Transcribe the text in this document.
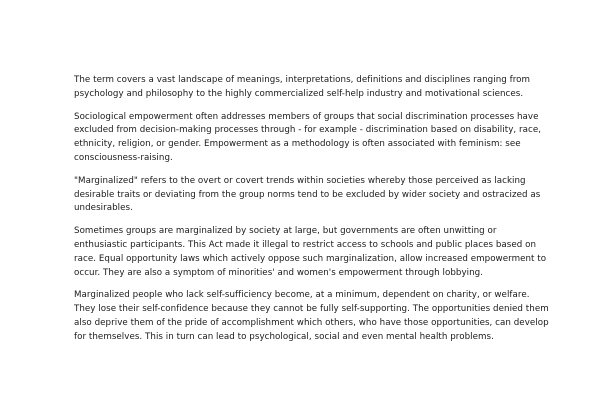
The term covers a vast landscape of meanings, interpretations, definitions and disciplines ranging from psychology and philosophy to the highly commercialized self-help industry and motivational sciences.

Sociological empowerment often addresses members of groups that social discrimination processes have excluded from decision-making processes through - for example - discrimination based on disability, race, ethnicity, religion, or gender. Empowerment as a methodology is often associated with feminism: see consciousness-raising.

"Marginalized" refers to the overt or covert trends within societies whereby those perceived as lacking desirable traits or deviating from the group norms tend to be excluded by wider society and ostracized as undesirables.

Sometimes groups are marginalized by society at large, but governments are often unwitting or enthusiastic participants. This Act made it illegal to restrict access to schools and public places based on race. Equal opportunity laws which actively oppose such marginalization, allow increased empowerment to occur. They are also a symptom of minorities' and women's empowerment through lobbying.

Marginalized people who lack self-sufficiency become, at a minimum, dependent on charity, or welfare. They lose their self-confidence because they cannot be fully self-supporting. The opportunities denied them also deprive them of the pride of accomplishment which others, who have those opportunities, can develop for themselves. This in turn can lead to psychological, social and even mental health problems.
